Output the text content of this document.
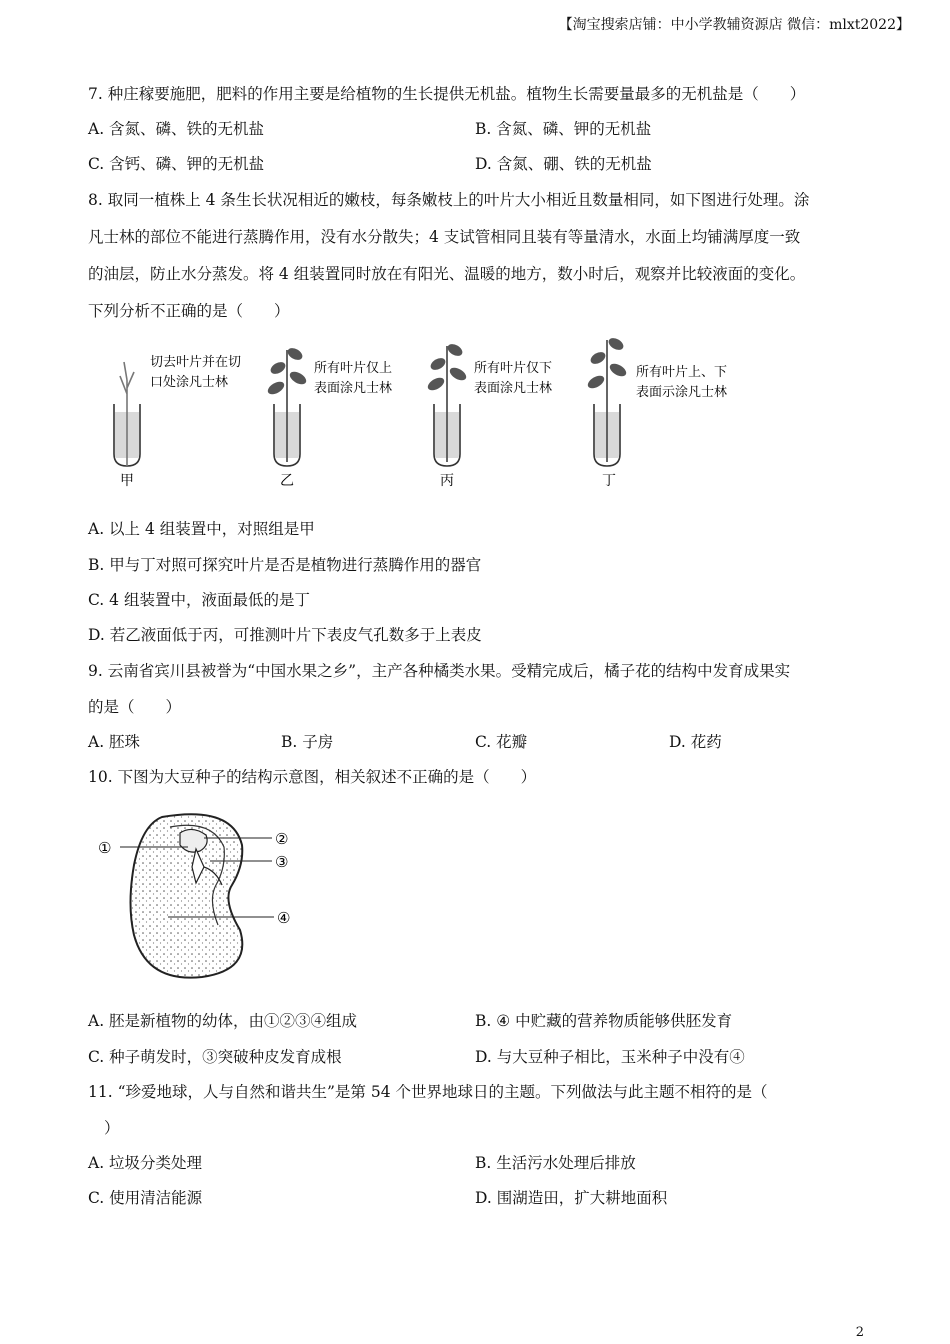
【淘宝搜索店铺：中小学教辅资源店 微信：mlxt2022】
7. 种庄稼要施肥，肥料的作用主要是给植物的生长提供无机盐。植物生长需要量最多的无机盐是（　　）
A. 含氮、磷、铁的无机盐	B. 含氮、磷、钾的无机盐
C. 含钙、磷、钾的无机盐	D. 含氮、硼、铁的无机盐
8. 取同一植株上 4 条生长状况相近的嫩枝，每条嫩枝上的叶片大小相近且数量相同，如下图进行处理。涂
凡士林的部位不能进行蒸腾作用，没有水分散失；4 支试管相同且装有等量清水，水面上均铺满厚度一致
的油层，防止水分蒸发。将 4 组装置同时放在有阳光、温暖的地方，数小时后，观察并比较液面的变化。
下列分析不正确的是（　　）
切去叶片并在切
口处涂凡士林
甲
所有叶片仅上
表面涂凡士林
乙
所有叶片仅下
表面涂凡士林
丙
所有叶片上、下
表面示涂凡士林
丁
A. 以上 4 组装置中，对照组是甲
B. 甲与丁对照可探究叶片是否是植物进行蒸腾作用的器官
C. 4 组装置中，液面最低的是丁
D. 若乙液面低于丙，可推测叶片下表皮气孔数多于上表皮
9. 云南省宾川县被誉为“中国水果之乡”，主产各种橘类水果。受精完成后，橘子花的结构中发育成果实
的是（　　）
A. 胚珠	B. 子房	C. 花瓣	D. 花药
10. 下图为大豆种子的结构示意图，相关叙述不正确的是（　　）
①	②
③
④
A. 胚是新植物的幼体，由①②③④组成	B. ④ 中贮藏的营养物质能够供胚发育
C. 种子萌发时，③突破种皮发育成根	D. 与大豆种子相比，玉米种子中没有④
11. “珍爱地球，人与自然和谐共生”是第 54 个世界地球日的主题。下列做法与此主题不相符的是（
）
A. 垃圾分类处理	B. 生活污水处理后排放
C. 使用清洁能源	D. 围湖造田，扩大耕地面积
2
